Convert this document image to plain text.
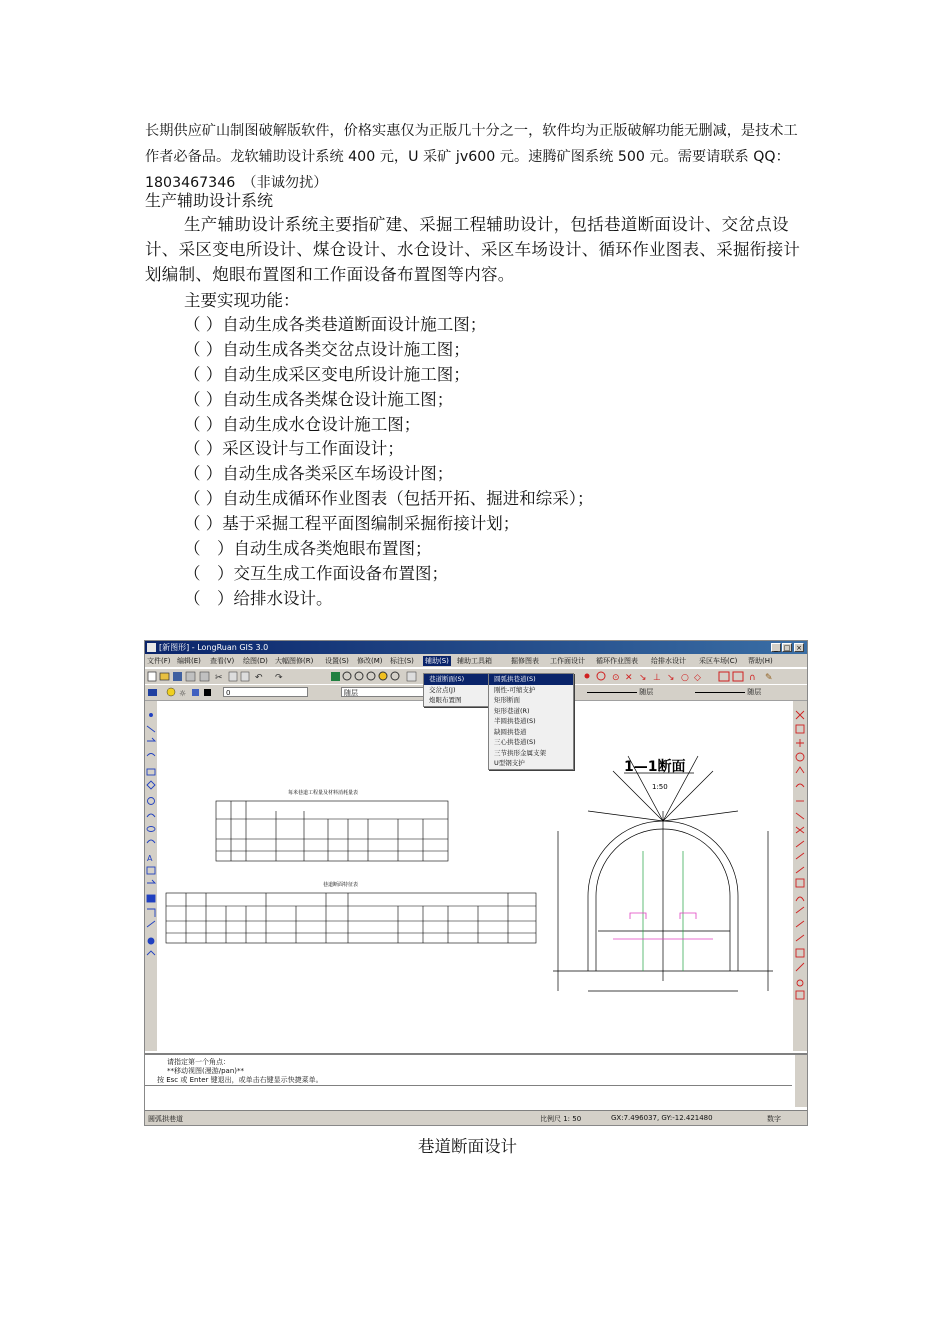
长期供应矿山制图破解版软件，价格实惠仅为正版几十分之一，软件均为正版破解功能无删减，是技术工作者必备品。龙软辅助设计系统 400 元，U 采矿 jv600 元。速腾矿图系统 500 元。需要请联系 QQ：1803467346　（非诚勿扰）
生产辅助设计系统
生产辅助设计系统主要指矿建、采掘工程辅助设计，包括巷道断面设计、交岔点设计、采区变电所设计、煤仓设计、水仓设计、采区车场设计、循环作业图表、采掘衔接计划编制、炮眼布置图和工作面设备布置图等内容。
主要实现功能：
（ ）自动生成各类巷道断面设计施工图；
（ ）自动生成各类交岔点设计施工图；
（ ）自动生成采区变电所设计施工图；
（ ）自动生成各类煤仓设计施工图；
（ ）自动生成水仓设计施工图；
（ ）采区设计与工作面设计；
（ ）自动生成各类采区车场设计图；
（ ）自动生成循环作业图表（包括开拓、掘进和综采）；
（ ）基于采掘工程平面图编制采掘衔接计划；
（　）自动生成各类炮眼布置图；
（　）交互生成工作面设备布置图；
（　）给排水设计。
[新图形] - LongRuan GIS 3.0	_ □ ×
文件(F) 编辑(E) 查看(V) 绘图(D) 大幅图修(R) 设置(S) 修改(M) 标注(S) 辅助(S) 辅助工具箱	掘修图表 工作面设计 循环作业图表 给排水设计 采区车场(C) 帮助(H)
✂	↶ ↷	⊙ ✕ ↘ ⊥ ↘ ○ ◇	∩ ✎
☼	0	随层	随层	随层
A
每米巷道工程量及材料消耗量表
巷道断面特征表
1—1断面
1:50
巷道断面(S)
交岔点(J)
炮眼布置图
圆弧拱巷道(S)
刚性-可缩支护
矩形断面
矩形巷道(R)
半圆拱巷道(S)
缺圆拱巷道
三心拱巷道(S)
三节拱形金属支架
U型钢支护
请指定第一个角点：
**移动视图(漫游/pan)**
按 Esc 或 Enter 键退出，或单击右键显示快捷菜单。
圆弧拱巷道	比例尺 1: 50	GX:7.496037, GY:-12.421480	数字
巷道断面设计
